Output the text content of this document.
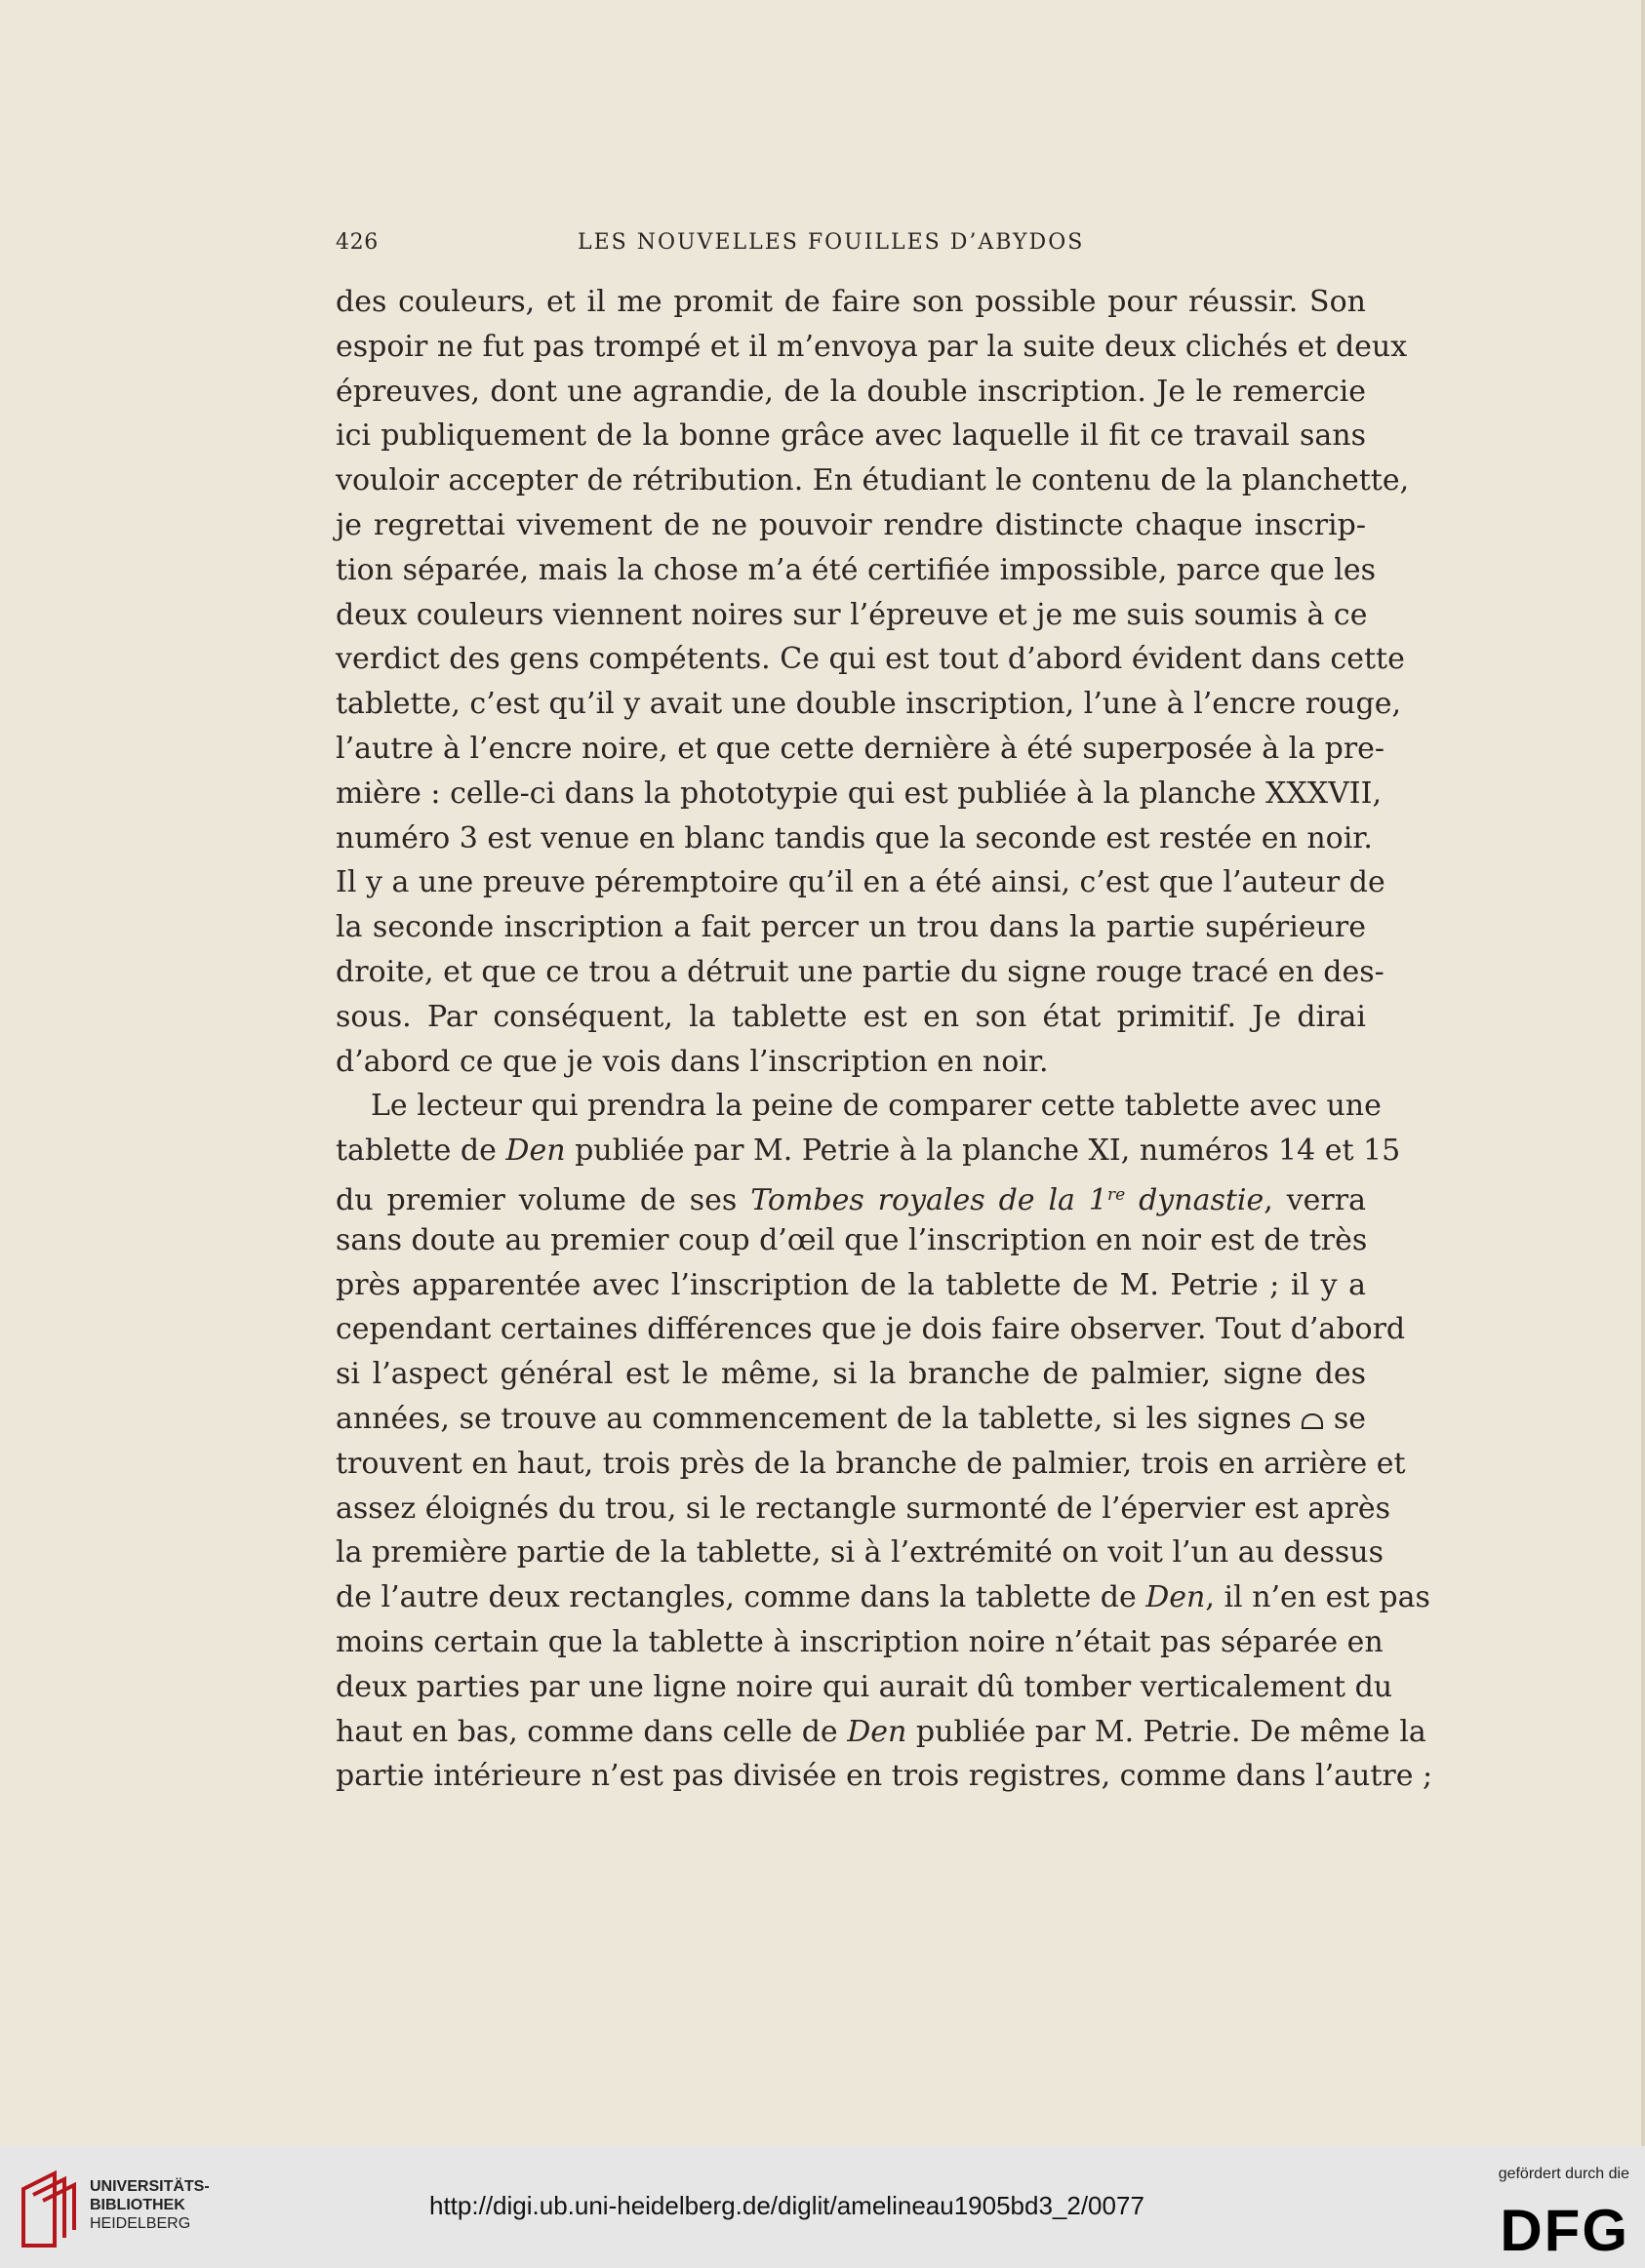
426	LES NOUVELLES FOUILLES D’ABYDOS
des couleurs, et il me promit de faire son possible pour réussir. Son
espoir ne fut pas trompé et il m’envoya par la suite deux clichés et deux
épreuves, dont une agrandie, de la double inscription. Je le remercie
ici publiquement de la bonne grâce avec laquelle il fit ce travail sans
vouloir accepter de rétribution. En étudiant le contenu de la planchette,
je regrettai vivement de ne pouvoir rendre distincte chaque inscrip-
tion séparée, mais la chose m’a été certifiée impossible, parce que les
deux couleurs viennent noires sur l’épreuve et je me suis soumis à ce
verdict des gens compétents. Ce qui est tout d’abord évident dans cette
tablette, c’est qu’il y avait une double inscription, l’une à l’encre rouge,
l’autre à l’encre noire, et que cette dernière à été superposée à la pre-
mière : celle-ci dans la phototypie qui est publiée à la planche XXXVII,
numéro 3 est venue en blanc tandis que la seconde est restée en noir.
Il y a une preuve péremptoire qu’il en a été ainsi, c’est que l’auteur de
la seconde inscription a fait percer un trou dans la partie supérieure
droite, et que ce trou a détruit une partie du signe rouge tracé en des-
sous. Par conséquent, la tablette est en son état primitif. Je dirai
d’abord ce que je vois dans l’inscription en noir.
Le lecteur qui prendra la peine de comparer cette tablette avec une
tablette de Den publiée par M. Petrie à la planche XI, numéros 14 et 15
du premier volume de ses Tombes royales de la 1re dynastie, verra
sans doute au premier coup d’œil que l’inscription en noir est de très
près apparentée avec l’inscription de la tablette de M. Petrie ; il y a
cependant certaines différences que je dois faire observer. Tout d’abord
si l’aspect général est le même, si la branche de palmier, signe des
années, se trouve au commencement de la tablette, si les signes se
trouvent en haut, trois près de la branche de palmier, trois en arrière et
assez éloignés du trou, si le rectangle surmonté de l’épervier est après
la première partie de la tablette, si à l’extrémité on voit l’un au dessus
de l’autre deux rectangles, comme dans la tablette de Den, il n’en est pas
moins certain que la tablette à inscription noire n’était pas séparée en
deux parties par une ligne noire qui aurait dû tomber verticalement du
haut en bas, comme dans celle de Den publiée par M. Petrie. De même la
partie intérieure n’est pas divisée en trois registres, comme dans l’autre ;
UNIVERSITÄTS-
BIBLIOTHEK
HEIDELBERG
http://digi.ub.uni-heidelberg.de/diglit/amelineau1905bd3_2/0077
gefördert durch die
DFG
